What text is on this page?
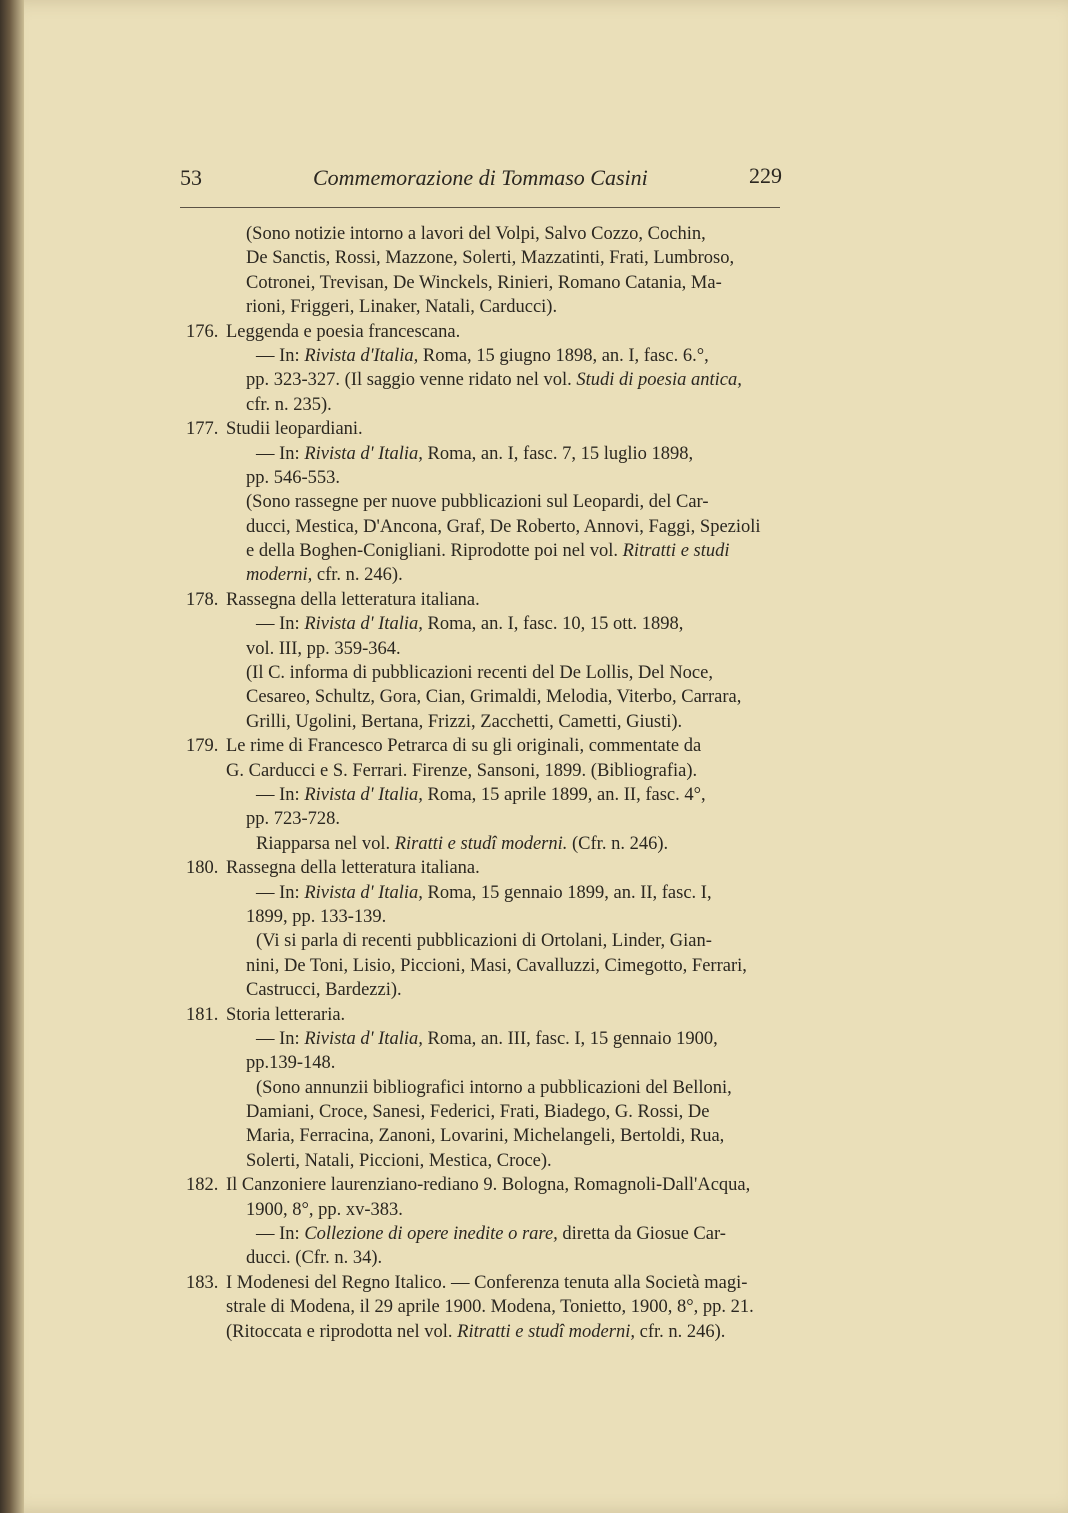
53	Commemorazione di Tommaso Casini	229
(Sono notizie intorno a lavori del Volpi, Salvo Cozzo, Cochin,
De Sanctis, Rossi, Mazzone, Solerti, Mazzatinti, Frati, Lumbroso,
Cotronei, Trevisan, De Winckels, Rinieri, Romano Catania, Ma-
rioni, Friggeri, Linaker, Natali, Carducci).
176. Leggenda e poesia francescana.
— In: Rivista d'Italia, Roma, 15 giugno 1898, an. I, fasc. 6.°,
pp. 323-327. (Il saggio venne ridato nel vol. Studi di poesia antica,
cfr. n. 235).
177. Studii leopardiani.
— In: Rivista d' Italia, Roma, an. I, fasc. 7, 15 luglio 1898,
pp. 546-553.
(Sono rassegne per nuove pubblicazioni sul Leopardi, del Car-
ducci, Mestica, D'Ancona, Graf, De Roberto, Annovi, Faggi, Spezioli
e della Boghen-Conigliani. Riprodotte poi nel vol. Ritratti e studi
moderni, cfr. n. 246).
178. Rassegna della letteratura italiana.
— In: Rivista d' Italia, Roma, an. I, fasc. 10, 15 ott. 1898,
vol. III, pp. 359-364.
(Il C. informa di pubblicazioni recenti del De Lollis, Del Noce,
Cesareo, Schultz, Gora, Cian, Grimaldi, Melodia, Viterbo, Carrara,
Grilli, Ugolini, Bertana, Frizzi, Zacchetti, Cametti, Giusti).
179. Le rime di Francesco Petrarca di su gli originali, commentate da
G. Carducci e S. Ferrari. Firenze, Sansoni, 1899. (Bibliografia).
— In: Rivista d' Italia, Roma, 15 aprile 1899, an. II, fasc. 4°,
pp. 723-728.
Riapparsa nel vol. Riratti e studî moderni. (Cfr. n. 246).
180. Rassegna della letteratura italiana.
— In: Rivista d' Italia, Roma, 15 gennaio 1899, an. II, fasc. I,
1899, pp. 133-139.
(Vi si parla di recenti pubblicazioni di Ortolani, Linder, Gian-
nini, De Toni, Lisio, Piccioni, Masi, Cavalluzzi, Cimegotto, Ferrari,
Castrucci, Bardezzi).
181. Storia letteraria.
— In: Rivista d' Italia, Roma, an. III, fasc. I, 15 gennaio 1900,
pp.139-148.
(Sono annunzii bibliografici intorno a pubblicazioni del Belloni,
Damiani, Croce, Sanesi, Federici, Frati, Biadego, G. Rossi, De
Maria, Ferracina, Zanoni, Lovarini, Michelangeli, Bertoldi, Rua,
Solerti, Natali, Piccioni, Mestica, Croce).
182. Il Canzoniere laurenziano-rediano 9. Bologna, Romagnoli-Dall'Acqua,
1900, 8°, pp. xv-383.
— In: Collezione di opere inedite o rare, diretta da Giosue Car-
ducci. (Cfr. n. 34).
183. I Modenesi del Regno Italico. — Conferenza tenuta alla Società magi-
strale di Modena, il 29 aprile 1900. Modena, Tonietto, 1900, 8°, pp. 21.
(Ritoccata e riprodotta nel vol. Ritratti e studî moderni, cfr. n. 246).
